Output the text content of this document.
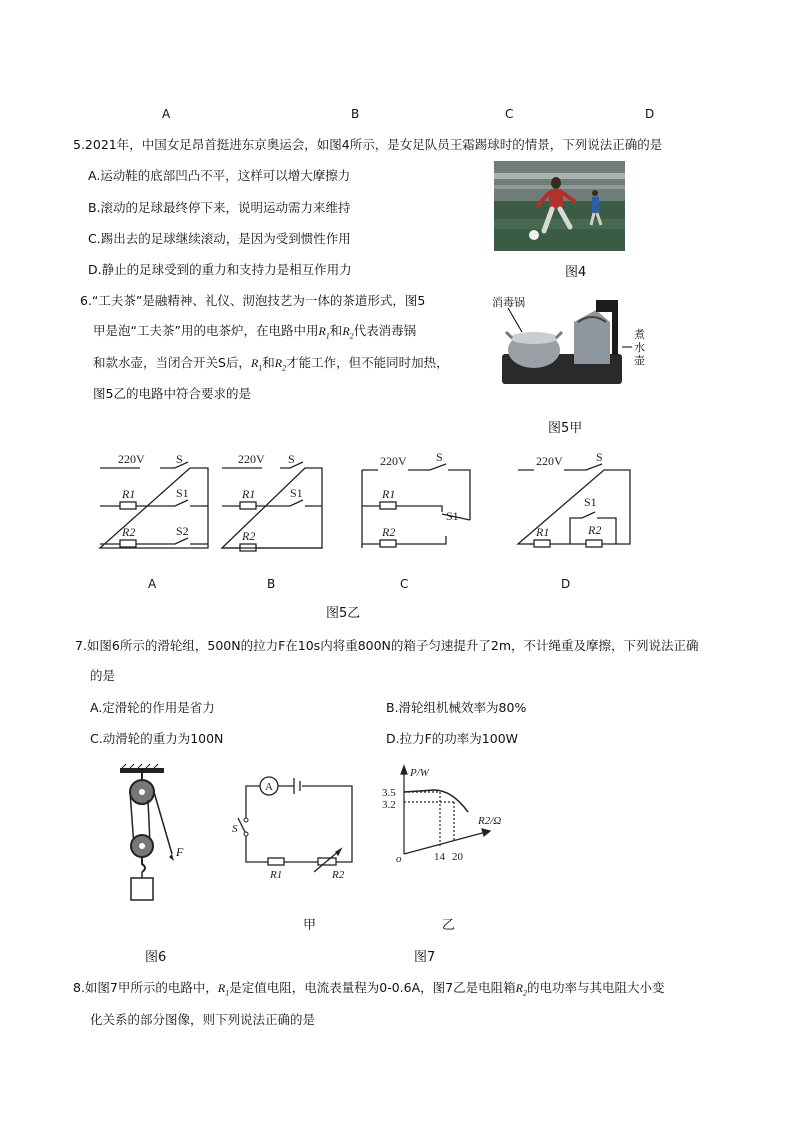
A	B	C	D
5.2021年，中国女足昂首挺进东京奥运会，如图4所示，是女足队员王霜踢球时的情景，下列说法正确的是
A.运动鞋的底部凹凸不平，这样可以增大摩擦力
B.滚动的足球最终停下来，说明运动需力来维持
C.踢出去的足球继续滚动，是因为受到惯性作用
D.静止的足球受到的重力和支持力是相互作用力	图4
6.“工夫茶”是融精神、礼仪、沏泡技艺为一体的茶道形式，图5
甲是泡“工夫茶”用的电茶炉，在电路中用$R_1$和$R_2$代表消毒锅
和款水壶，当闭合开关S后，$R_1$和$R_2$才能工作，但不能同时加热，
图5乙的电路中符合要求的是
消毒锅
煮水壶
图5甲
220V	S
R1	S1
R2	S2
220V S
R1	S1
R2
220V S
R1
S1
R2
220V	S
S1
R1	R2
A	B	C	D
图5乙
7.如图6所示的滑轮组，500N的拉力F在10s内将重800N的箱子匀速提升了2m，不计绳重及摩擦，下列说法正确
的是
A.定滑轮的作用是省力	B.滑轮组机械效率为80%
C.动滑轮的重力为100N	D.拉力F的功率为100W
F
图6
A
S
R1	R2
P/W
3.5
3.2
R2/Ω
14 20
o
甲	乙
图7
8.如图7甲所示的电路中，$R_1$是定值电阻，电流表量程为0-0.6A，图7乙是电阻箱$R_2$的电功率与其电阻大小变
化关系的部分图像，则下列说法正确的是
